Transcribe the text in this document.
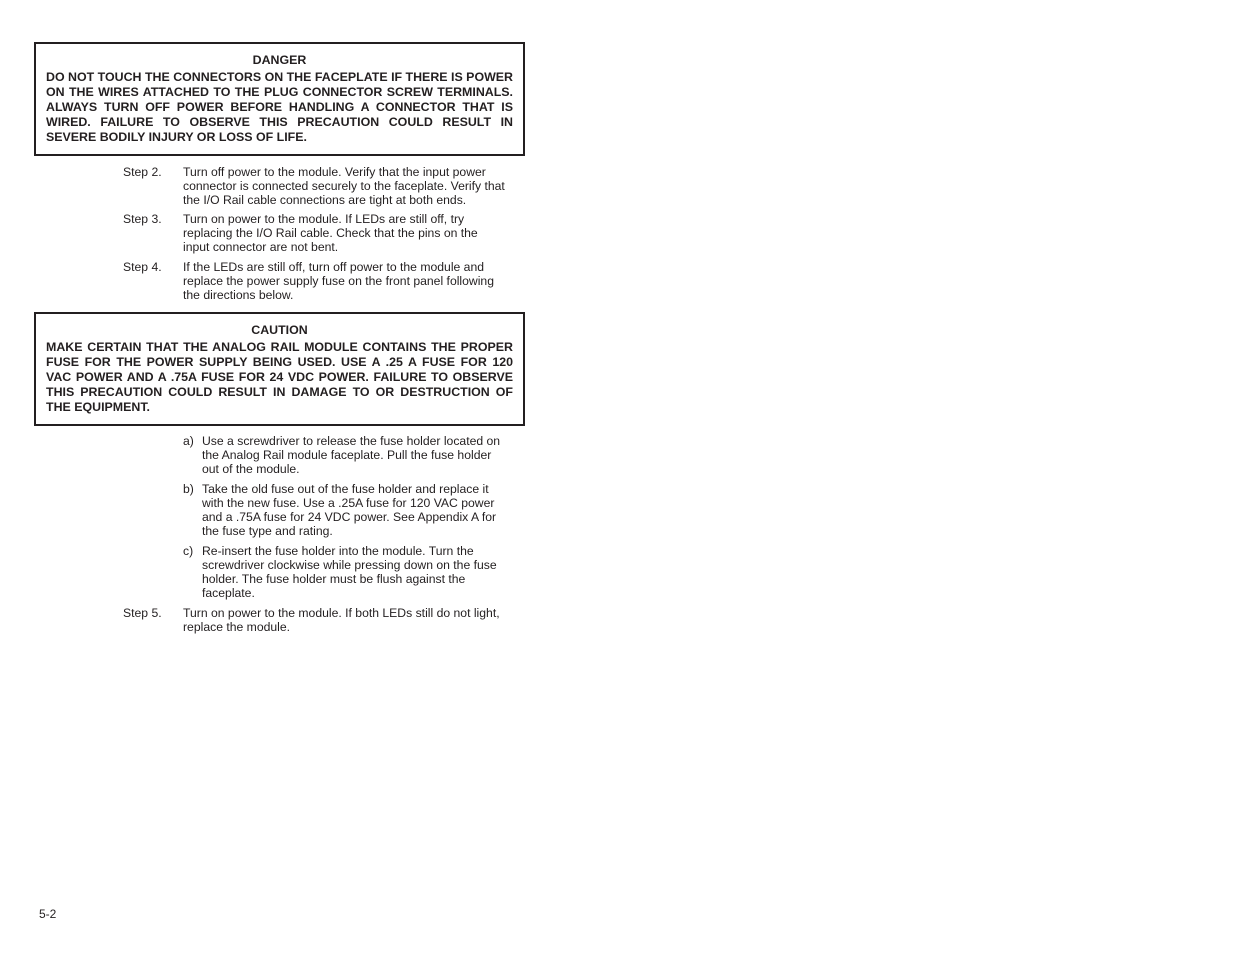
DANGER
DO NOT TOUCH THE CONNECTORS ON THE FACEPLATE IF THERE IS POWER ON THE WIRES ATTACHED TO THE PLUG CONNECTOR SCREW TERMINALS. ALWAYS TURN OFF POWER BEFORE HANDLING A CONNECTOR THAT IS WIRED. FAILURE TO OBSERVE THIS PRECAUTION COULD RESULT IN SEVERE BODILY INJURY OR LOSS OF LIFE.
Step 2. Turn off power to the module. Verify that the input power connector is connected securely to the faceplate. Verify that the I/O Rail cable connections are tight at both ends.
Step 3. Turn on power to the module. If LEDs are still off, try replacing the I/O Rail cable. Check that the pins on the input connector are not bent.
Step 4. If the LEDs are still off, turn off power to the module and replace the power supply fuse on the front panel following the directions below.
CAUTION
MAKE CERTAIN THAT THE ANALOG RAIL MODULE CONTAINS THE PROPER FUSE FOR THE POWER SUPPLY BEING USED. USE A .25 A FUSE FOR 120 VAC POWER AND A .75A FUSE FOR 24 VDC POWER. FAILURE TO OBSERVE THIS PRECAUTION COULD RESULT IN DAMAGE TO OR DESTRUCTION OF THE EQUIPMENT.
a) Use a screwdriver to release the fuse holder located on the Analog Rail module faceplate. Pull the fuse holder out of the module.
b) Take the old fuse out of the fuse holder and replace it with the new fuse. Use a .25A fuse for 120 VAC power and a .75A fuse for 24 VDC power. See Appendix A for the fuse type and rating.
c) Re-insert the fuse holder into the module. Turn the screwdriver clockwise while pressing down on the fuse holder. The fuse holder must be flush against the faceplate.
Step 5. Turn on power to the module. If both LEDs still do not light, replace the module.
5-2
